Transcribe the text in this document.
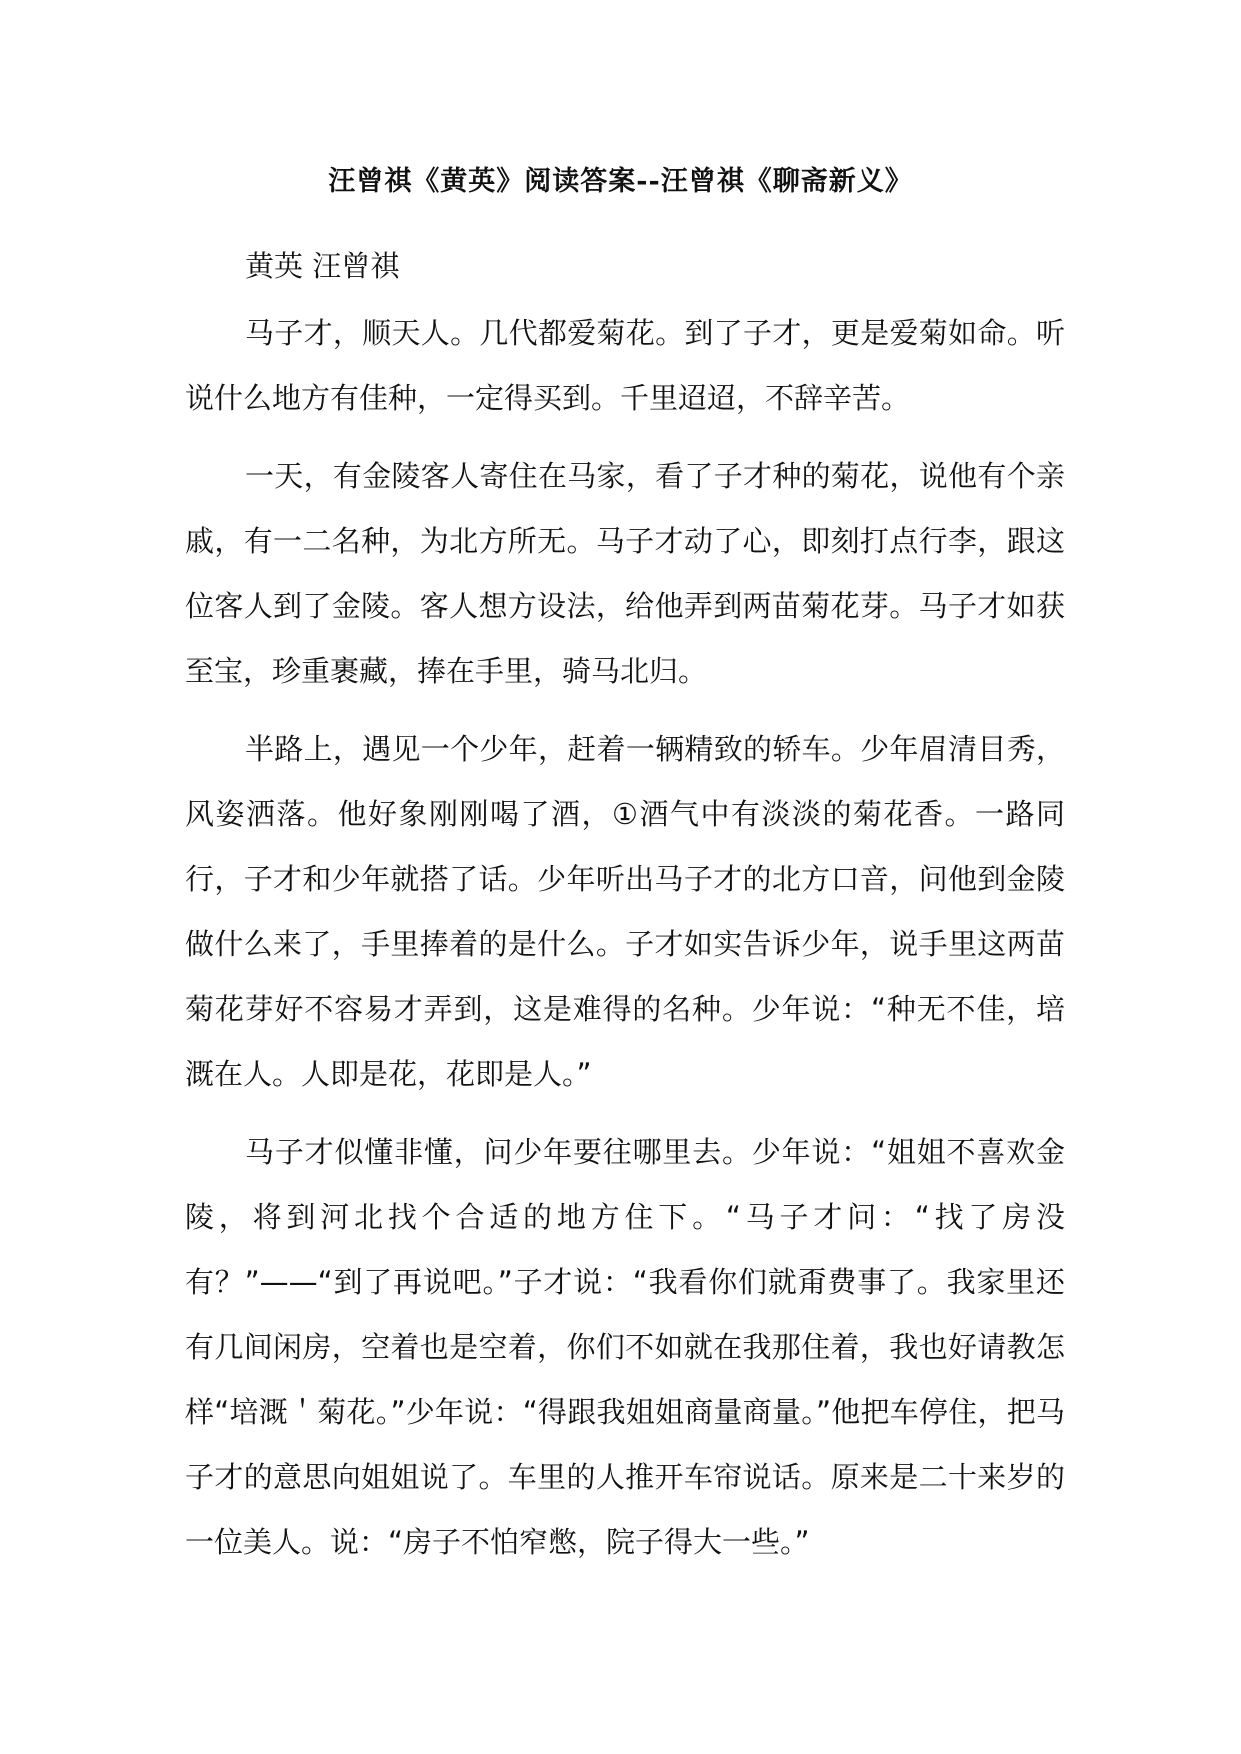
汪曾祺《黄英》阅读答案--汪曾祺《聊斋新义》

黄英 汪曾祺

马子才，顺天人。几代都爱菊花。到了子才，更是爱菊如命。听说什么地方有佳种，一定得买到。千里迢迢，不辞辛苦。

一天，有金陵客人寄住在马家，看了子才种的菊花，说他有个亲戚，有一二名种，为北方所无。马子才动了心，即刻打点行李，跟这位客人到了金陵。客人想方设法，给他弄到两苗菊花芽。马子才如获至宝，珍重裹藏，捧在手里，骑马北归。

半路上，遇见一个少年，赶着一辆精致的轿车。少年眉清目秀，风姿洒落。他好象刚刚喝了酒，①酒气中有淡淡的菊花香。一路同行，子才和少年就搭了话。少年听出马子才的北方口音，问他到金陵做什么来了，手里捧着的是什么。子才如实告诉少年，说手里这两苗菊花芽好不容易才弄到，这是难得的名种。少年说：“种无不佳，培溉在人。人即是花，花即是人。”

马子才似懂非懂，问少年要往哪里去。少年说：“姐姐不喜欢金陵，将到河北找个合适的地方住下。“马子才问：“找了房没有？”——“到了再说吧。”子才说：“我看你们就甭费事了。我家里还有几间闲房，空着也是空着，你们不如就在我那住着，我也好请教怎样“培溉＇菊花。”少年说：“得跟我姐姐商量商量。”他把车停住，把马子才的意思向姐姐说了。车里的人推开车帘说话。原来是二十来岁的一位美人。说：“房子不怕窄憋，院子得大一些。”
